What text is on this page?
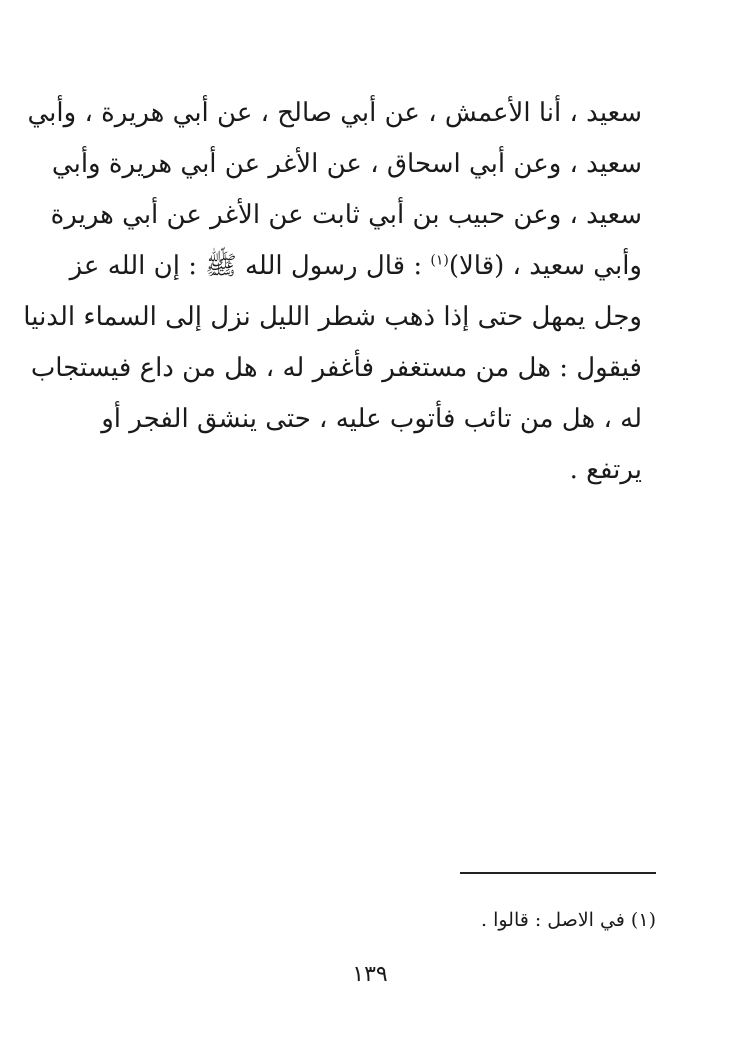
سعيد ، أنا الأعمش ، عن أبي صالح ، عن أبي هريرة ، وأبي
سعيد ، وعن أبي اسحاق ، عن الأغر عن أبي هريرة وأبي
سعيد ، وعن حبيب بن أبي ثابت عن الأغر عن أبي هريرة
وأبي سعيد ، (قالا)$^{(١)}$ : قال رسول الله ﷺ : إن الله عز
وجل يمهل حتى إذا ذهب شطر الليل نزل إلى السماء الدنيا
فيقول : هل من مستغفر فأغفر له ، هل من داع فيستجاب
له ، هل من تائب فأتوب عليه ، حتى ينشق الفجر أو
يرتفع .
(١) في الاصل : قالوا .
١٣٩
